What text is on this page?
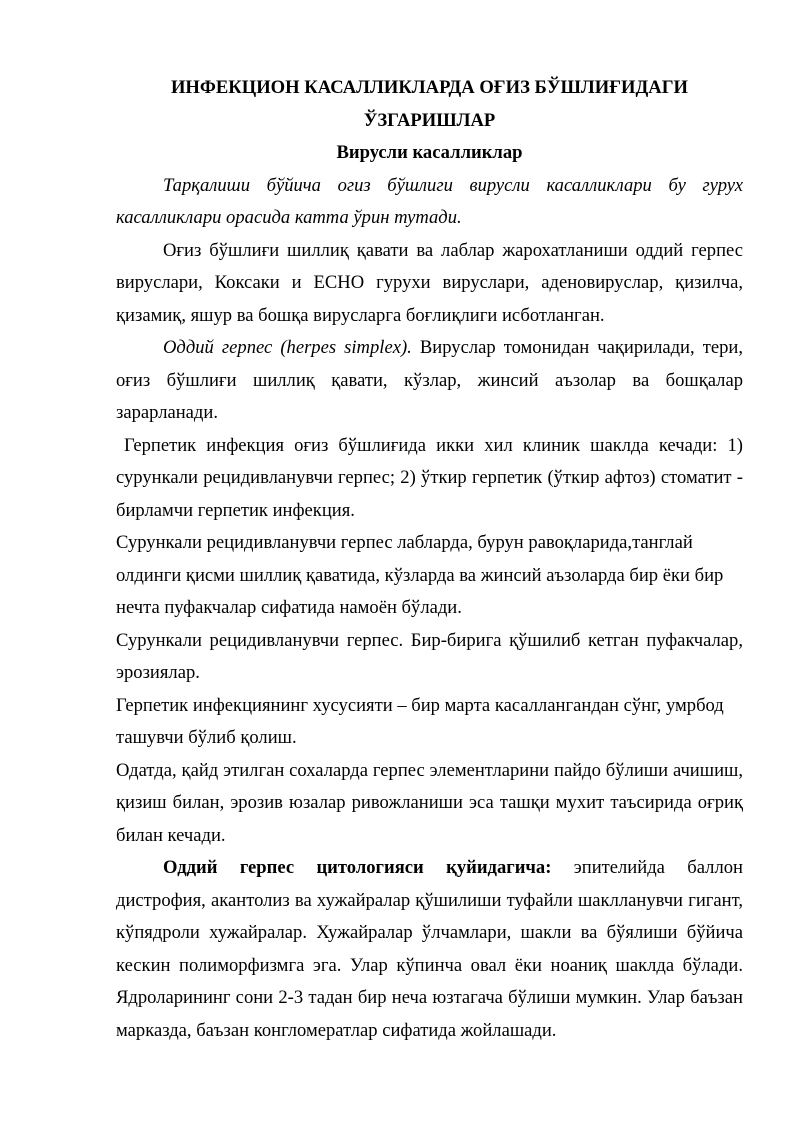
ИНФЕКЦИОН КАСАЛЛИКЛАРДА ОҒИЗ БЎШЛИҒИДАГИ
ЎЗГАРИШЛАР
Вирусли касалликлар

Тарқалиши бўйича огиз бўшлиги вирусли касалликлари бу гурух касалликлари орасида катта ўрин тутади.

Оғиз бўшлиғи шиллиқ қавати ва лаблар жарохатланиши оддий герпес вируслари, Коксаки и ЕСНО гурухи вируслари, аденовируслар, қизилча, қизамиқ, яшур ва бошқа вирусларга боғлиқлиги исботланган.

Оддий герпес (herpes simplex). Вируслар томонидан чақирилади, тери, оғиз бўшлиғи шиллиқ қавати, кўзлар, жинсий аъзолар ва бошқалар зарарланади.

Герпетик инфекция оғиз бўшлиғида икки хил клиник шаклда кечади: 1) сурункали рецидивланувчи герпес; 2) ўткир герпетик (ўткир афтоз) стоматит - бирламчи герпетик инфекция.

Сурункали рецидивланувчи герпес лабларда, бурун равоқларида,танглай
олдинги қисми шиллиқ қаватида, кўзларда ва жинсий аъзоларда бир ёки бир
нечта пуфакчалар сифатида намоён бўлади.

Сурункали рецидивланувчи герпес. Бир-бирига қўшилиб кетган пуфакчалар, эрозиялар.

Герпетик инфекциянинг хусусияти – бир марта касаллангандан сўнг, умрбод
ташувчи бўлиб қолиш.

Одатда, қайд этилган сохаларда герпес элементларини пайдо бўлиши ачишиш, қизиш билан, эрозив юзалар ривожланиши эса ташқи мухит таъсирида оғриқ билан кечади.

Оддий герпес цитологияси қуйидагича: эпителийда баллон дистрофия, акантолиз ва хужайралар қўшилиши туфайли шаклланувчи гигант, кўпядроли хужайралар. Хужайралар ўлчамлари, шакли ва бўялиши бўйича кескин полиморфизмга эга. Улар кўпинча овал ёки ноаниқ шаклда бўлади. Ядроларининг сони 2-3 тадан бир неча юзтагача бўлиши мумкин. Улар баъзан марказда, баъзан конгломератлар сифатида жойлашади.
